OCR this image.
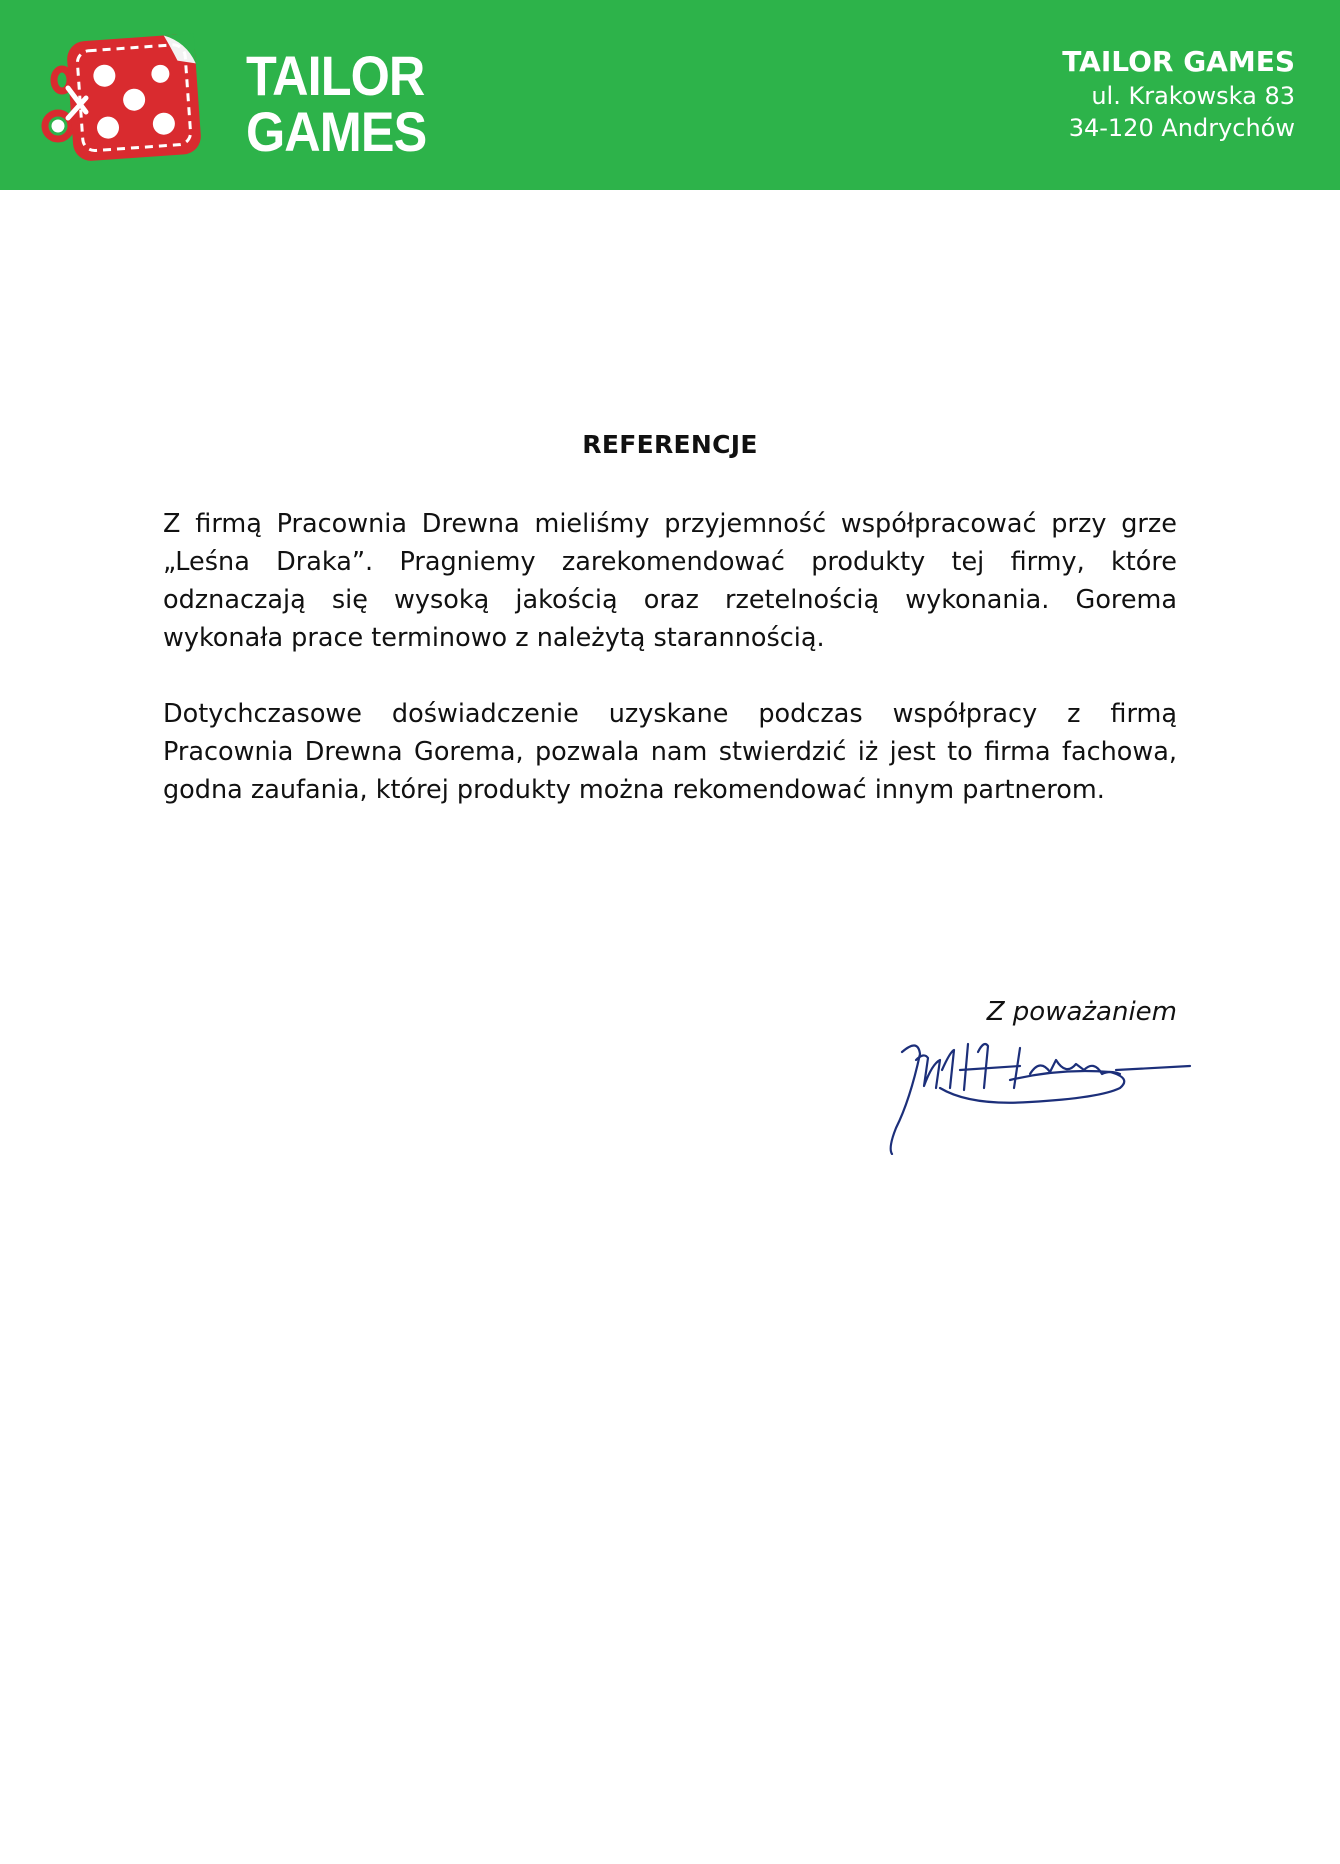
TAILOR
GAMES
TAILOR GAMES
ul. Krakowska 83
34-120 Andrychów
REFERENCJE
Z firmą Pracownia Drewna mieliśmy przyjemność współpracować przy grze „Leśna Draka”. Pragniemy zarekomendować produkty tej firmy, które odznaczają się wysoką jakością oraz rzetelnością wykonania. Gorema wykonała prace terminowo z należytą starannością.
Dotychczasowe doświadczenie uzyskane podczas współpracy z firmą Pracownia Drewna Gorema, pozwala nam stwierdzić iż jest to firma fachowa, godna zaufania, której produkty można rekomendować innym partnerom.
Z poważaniem
